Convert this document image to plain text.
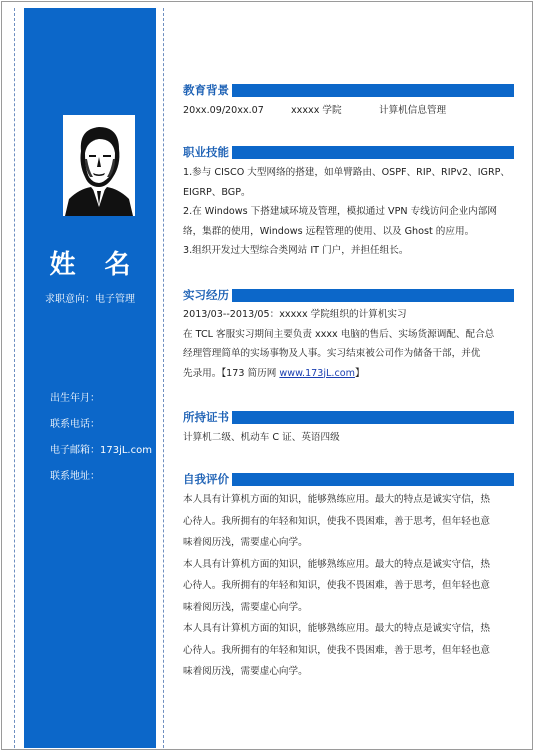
姓 名
求职意向：电子管理
出生年月：
联系电话：
电子邮箱：173jL.com
联系地址：
教育背景
20xx.09/20xx.07	xxxxx 学院	计算机信息管理
职业技能
1.参与 CISCO 大型网络的搭建，如单臂路由、OSPF、RIP、RIPv2、IGRP、
EIGRP、BGP。
2.在 Windows 下搭建域环境及管理，模拟通过 VPN 专线访问企业内部网
络，集群的使用，Windows 远程管理的使用、以及 Ghost 的应用。
3.组织开发过大型综合类网站 IT 门户，并担任组长。
实习经历
2013/03--2013/05：xxxxx 学院组织的计算机实习
在 TCL 客服实习期间主要负责 xxxx 电脑的售后、实场货源调配、配合总
经理管理简单的实场事物及人事。实习结束被公司作为储备干部，并优
先录用。【173 简历网 www.173jL.com】
所持证书
计算机二级、机动车 C 证、英语四级
自我评价
本人具有计算机方面的知识，能够熟练应用。最大的特点是诚实守信，热
心待人。我所拥有的年轻和知识，使我不畏困难，善于思考，但年轻也意
味着阅历浅，需要虚心向学。
本人具有计算机方面的知识，能够熟练应用。最大的特点是诚实守信，热
心待人。我所拥有的年轻和知识，使我不畏困难，善于思考，但年轻也意
味着阅历浅，需要虚心向学。
本人具有计算机方面的知识，能够熟练应用。最大的特点是诚实守信，热
心待人。我所拥有的年轻和知识，使我不畏困难，善于思考，但年轻也意
味着阅历浅，需要虚心向学。
